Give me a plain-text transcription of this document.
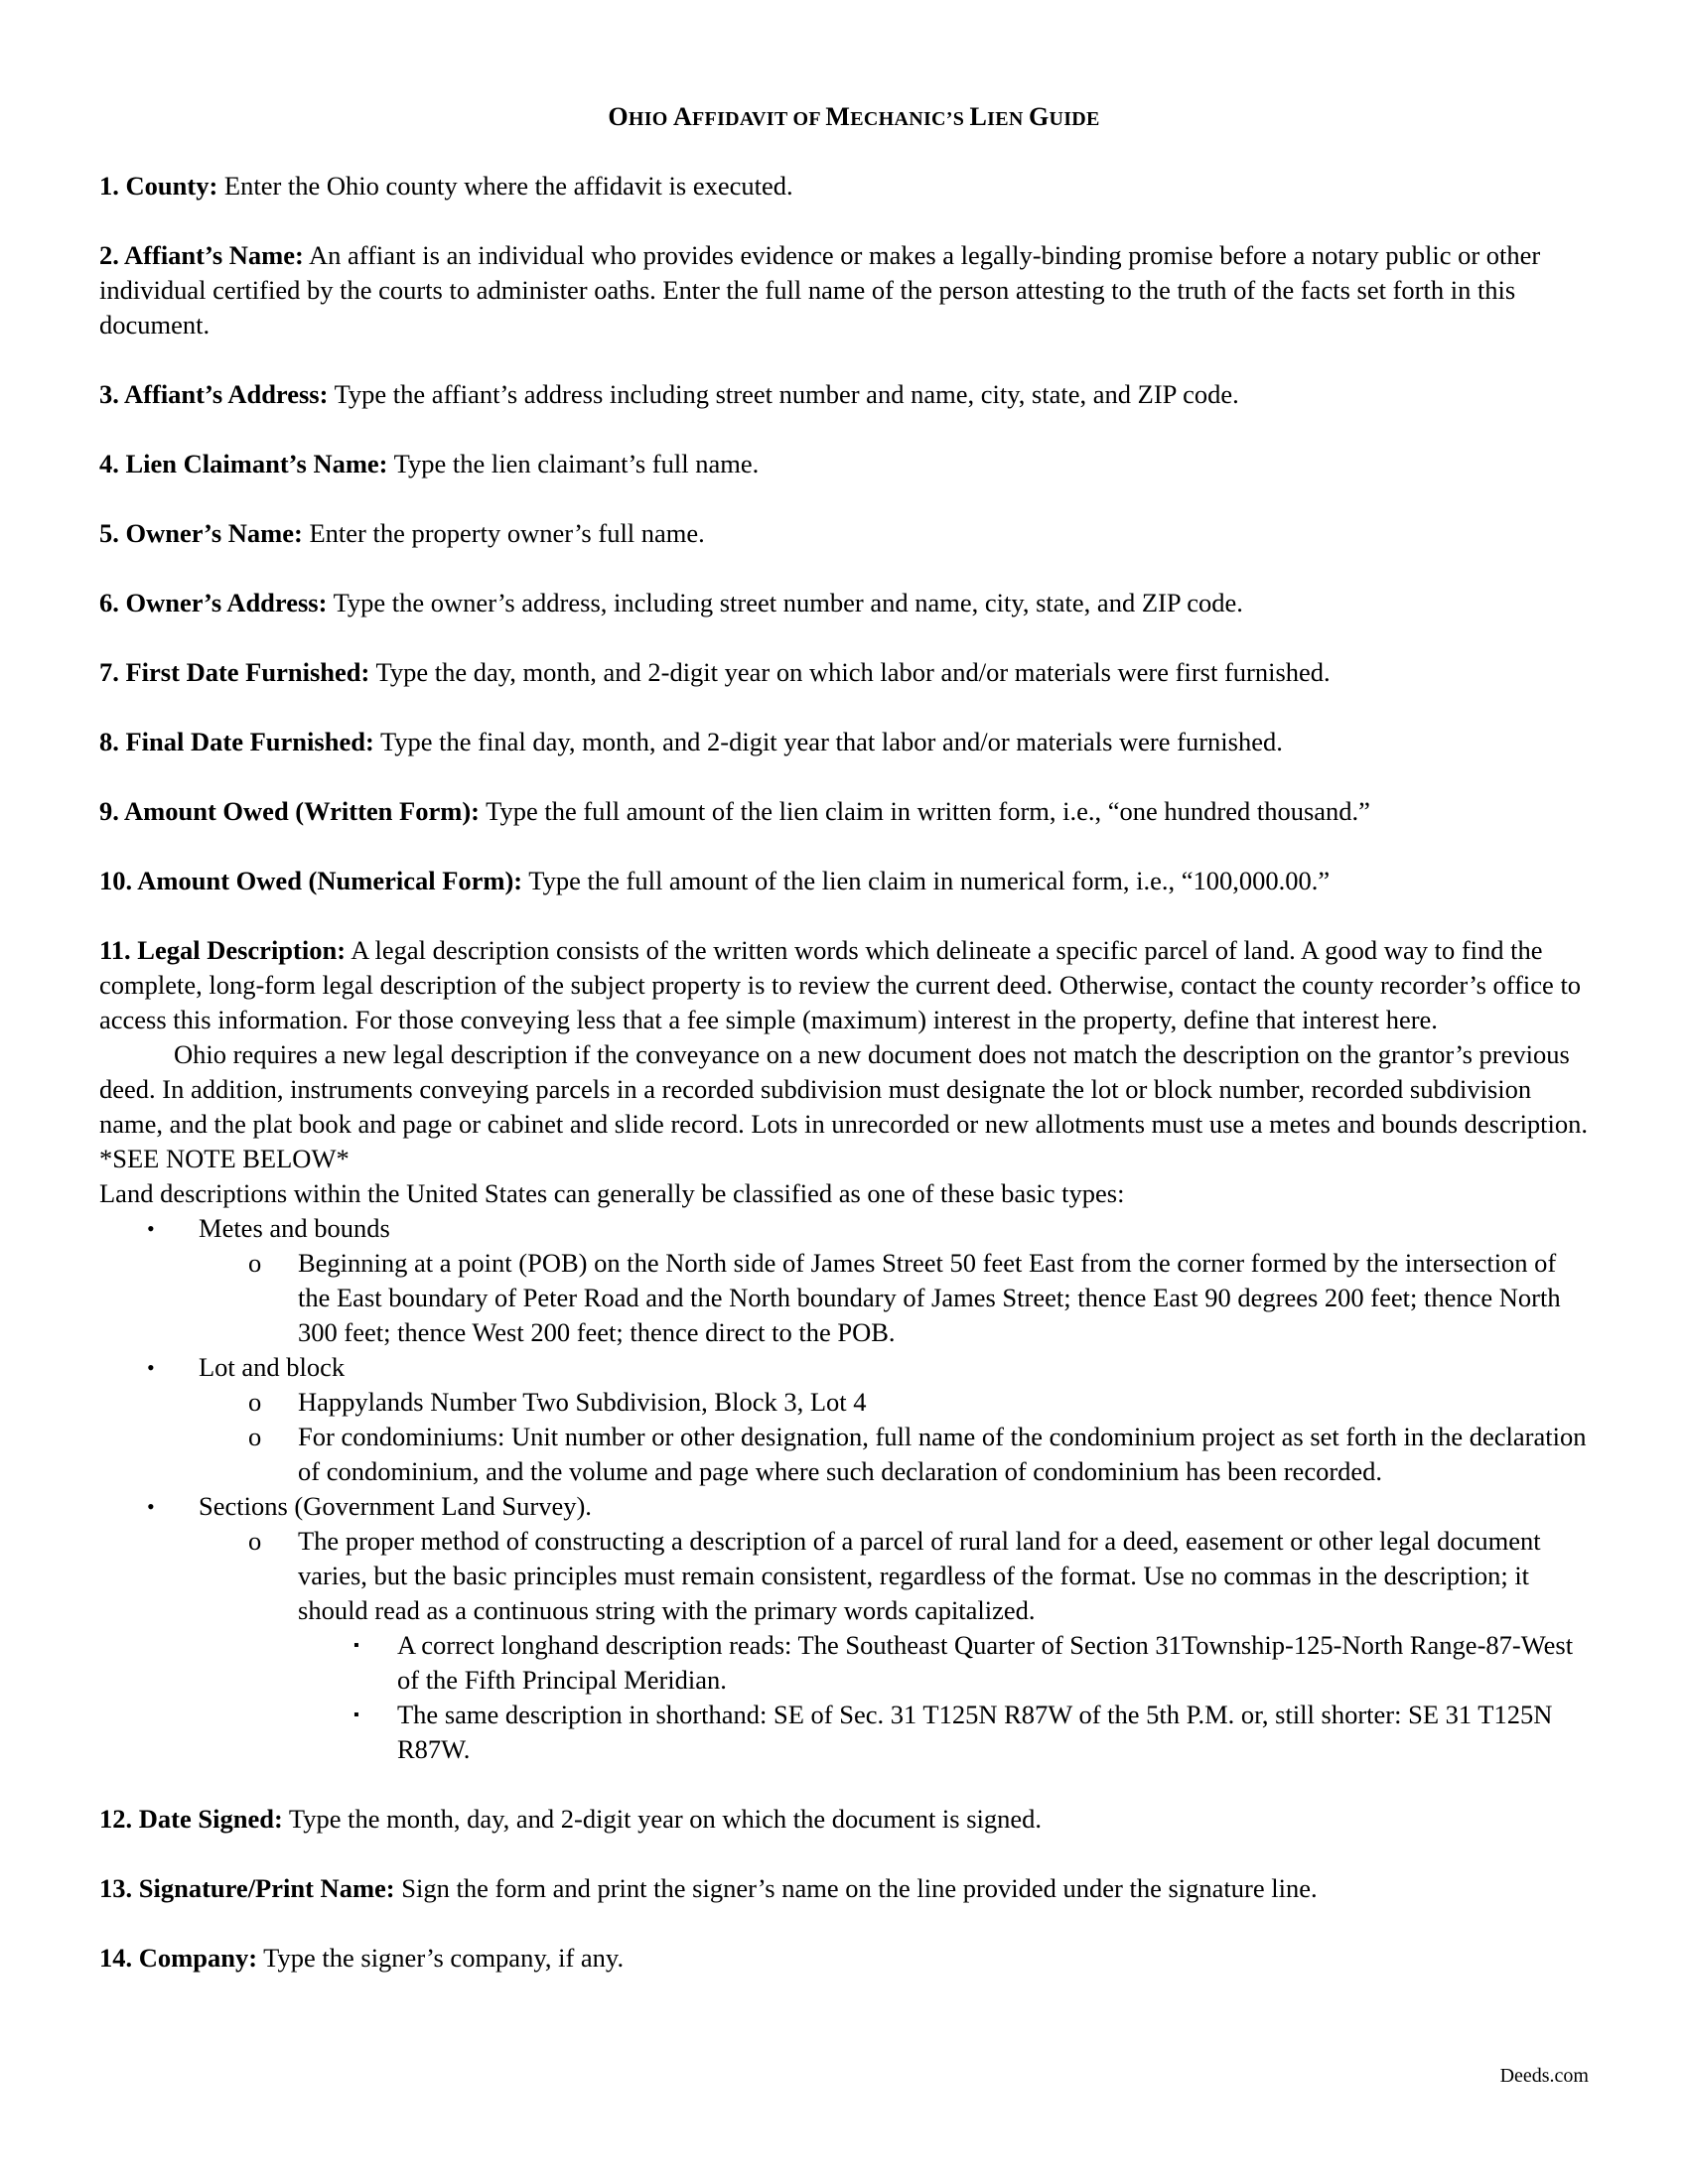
OHIO AFFIDAVIT OF MECHANIC’S LIEN GUIDE
1. County: Enter the Ohio county where the affidavit is executed.
2. Affiant’s Name: An affiant is an individual who provides evidence or makes a legally-binding promise before a notary public or other individual certified by the courts to administer oaths. Enter the full name of the person attesting to the truth of the facts set forth in this document.
3. Affiant’s Address: Type the affiant’s address including street number and name, city, state, and ZIP code.
4. Lien Claimant’s Name: Type the lien claimant’s full name.
5. Owner’s Name: Enter the property owner’s full name.
6. Owner’s Address: Type the owner’s address, including street number and name, city, state, and ZIP code.
7. First Date Furnished: Type the day, month, and 2-digit year on which labor and/or materials were first furnished.
8. Final Date Furnished: Type the final day, month, and 2-digit year that labor and/or materials were furnished.
9. Amount Owed (Written Form): Type the full amount of the lien claim in written form, i.e., “one hundred thousand.”
10. Amount Owed (Numerical Form): Type the full amount of the lien claim in numerical form, i.e., “100,000.00.”

11. Legal Description: A legal description consists of the written words which delineate a specific parcel of land. A good way to find the complete, long-form legal description of the subject property is to review the current deed. Otherwise, contact the county recorder’s office to access this information. For those conveying less that a fee simple (maximum) interest in the property, define that interest here.

Ohio requires a new legal description if the conveyance on a new document does not match the description on the grantor’s previous deed. In addition, instruments conveying parcels in a recorded subdivision must designate the lot or block number, recorded subdivision name, and the plat book and page or cabinet and slide record. Lots in unrecorded or new allotments must use a metes and bounds description. *SEE NOTE BELOW*

Land descriptions within the United States can generally be classified as one of these basic types:

• Metes and bounds
o Beginning at a point (POB) on the North side of James Street 50 feet East from the corner formed by the intersection of the East boundary of Peter Road and the North boundary of James Street; thence East 90 degrees 200 feet; thence North 300 feet; thence West 200 feet; thence direct to the POB.
• Lot and block
o Happylands Number Two Subdivision, Block 3, Lot 4
o For condominiums: Unit number or other designation, full name of the condominium project as set forth in the declaration of condominium, and the volume and page where such declaration of condominium has been recorded.
• Sections (Government Land Survey).
o The proper method of constructing a description of a parcel of rural land for a deed, easement or other legal document varies, but the basic principles must remain consistent, regardless of the format. Use no commas in the description; it should read as a continuous string with the primary words capitalized.
▪ A correct longhand description reads: The Southeast Quarter of Section 31Township-125-North Range-87-West of the Fifth Principal Meridian.
▪ The same description in shorthand: SE of Sec. 31 T125N R87W of the 5th P.M. or, still shorter: SE 31 T125N R87W.
12. Date Signed: Type the month, day, and 2-digit year on which the document is signed.
13. Signature/Print Name: Sign the form and print the signer’s name on the line provided under the signature line.
14. Company: Type the signer’s company, if any.
Deeds.com
